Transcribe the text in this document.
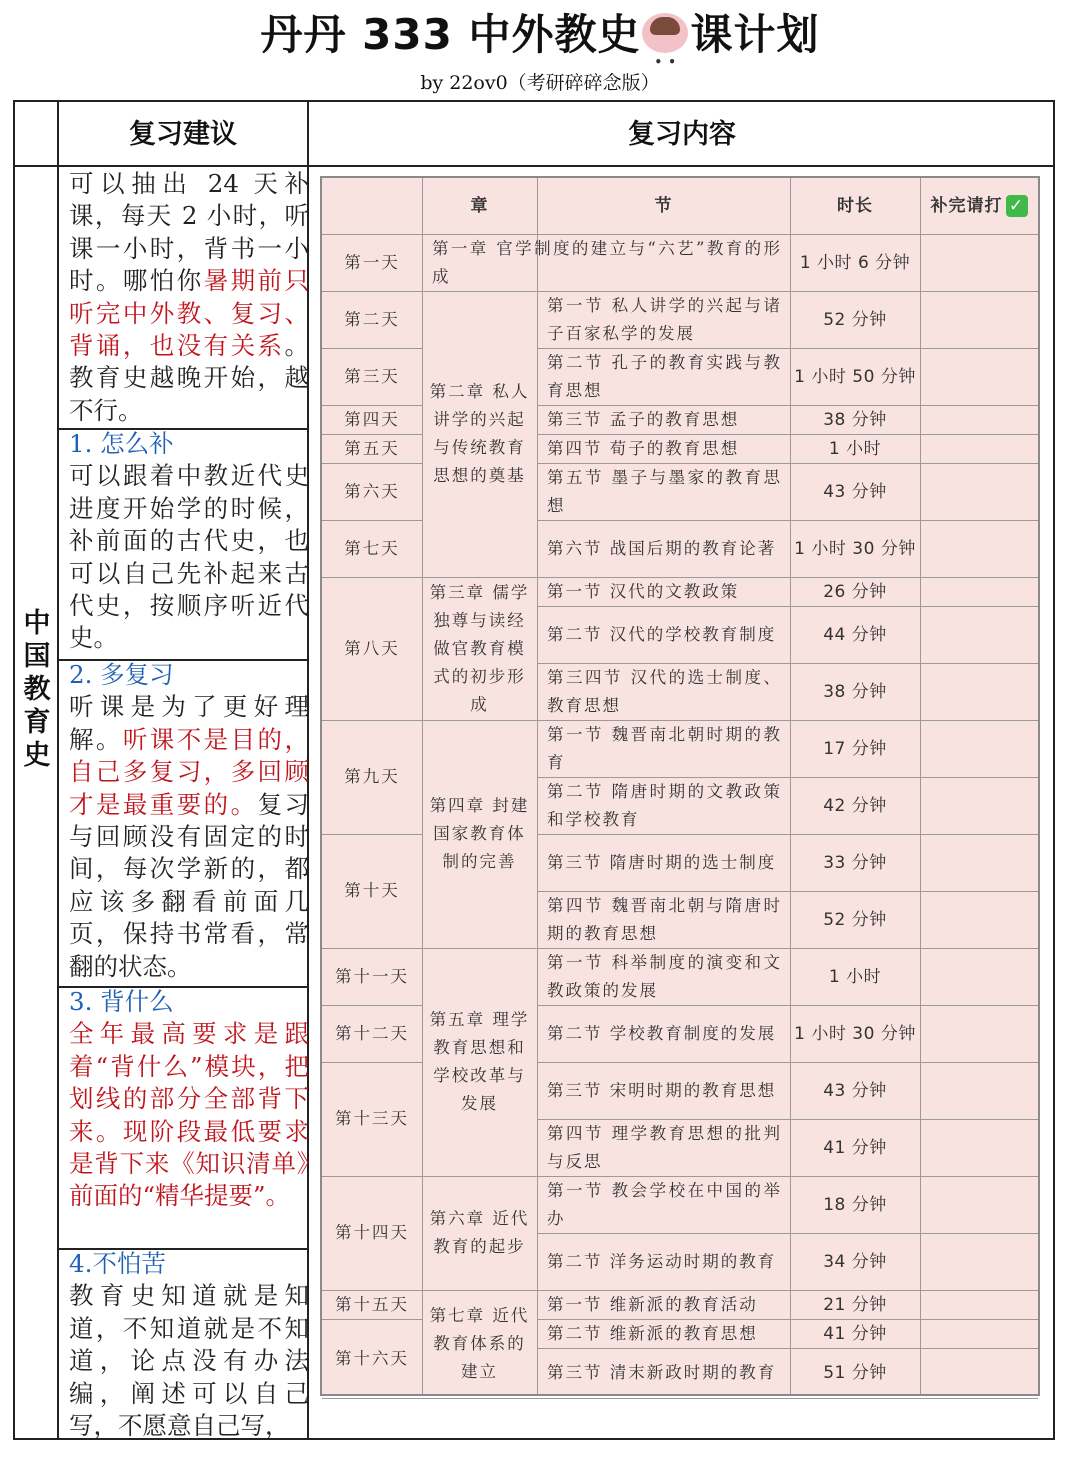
丹丹 333 中外教史• • 课计划
by 22ov0（考研碎碎念版）
复习建议	复习内容
中
国
教
育
史
可以抽出 24 天补课，每天 2 小时，听课一小时，背书一小时。哪怕你暑期前只听完中外教、复习、背诵，也没有关系。教育史越晚开始，越不行。
1. 怎么补
可以跟着中教近代史进度开始学的时候，补前面的古代史，也可以自己先补起来古代史，按顺序听近代史。
2. 多复习
听课是为了更好理解。听课不是目的，自己多复习，多回顾才是最重要的。复习与回顾没有固定的时间，每次学新的，都应该多翻看前面几页，保持书常看，常翻的状态。
3. 背什么
全年最高要求是跟着“背什么”模块，把划线的部分全部背下来。现阶段最低要求是背下来《知识清单》前面的“精华提要”。
4.不怕苦
教育史知道就是知道，不知道就是不知道，论点没有办法编，阐述可以自己写，不愿意自己写，
章	节	时长	补完请打 ✓
第一天
第二天
第三天
第四天
第五天
第六天
第七天
第八天
第九天
第十天
第十一天
第十二天
第十三天
第十四天
第十五天
第十六天
第一章 官学制度的建立与“六艺”教育的形成
第二章 私人讲学的兴起与传统教育思想的奠基
第三章 儒学独尊与读经做官教育模式的初步形成
第四章 封建国家教育体制的完善
第五章 理学教育思想和学校改革与发展
第六章 近代教育的起步
第七章 近代教育体系的建立
第一节 私人讲学的兴起与诸子百家私学的发展
第二节 孔子的教育实践与教育思想
第三节 孟子的教育思想
第四节 荀子的教育思想
第五节 墨子与墨家的教育思想
第六节 战国后期的教育论著
第一节 汉代的文教政策
第二节 汉代的学校教育制度
第三四节 汉代的选士制度、教育思想
第一节 魏晋南北朝时期的教育
第二节 隋唐时期的文教政策和学校教育
第三节 隋唐时期的选士制度
第四节 魏晋南北朝与隋唐时期的教育思想
第一节 科举制度的演变和文教政策的发展
第二节 学校教育制度的发展
第三节 宋明时期的教育思想
第四节 理学教育思想的批判与反思
第一节 教会学校在中国的举办
第二节 洋务运动时期的教育
第一节 维新派的教育活动
第二节 维新派的教育思想
第三节 清末新政时期的教育
1 小时 6 分钟
52 分钟
1 小时 50 分钟
38 分钟
1 小时
43 分钟
1 小时 30 分钟
26 分钟
44 分钟
38 分钟
17 分钟
42 分钟
33 分钟
52 分钟
1 小时
1 小时 30 分钟
43 分钟
41 分钟
18 分钟
34 分钟
21 分钟
41 分钟
51 分钟
